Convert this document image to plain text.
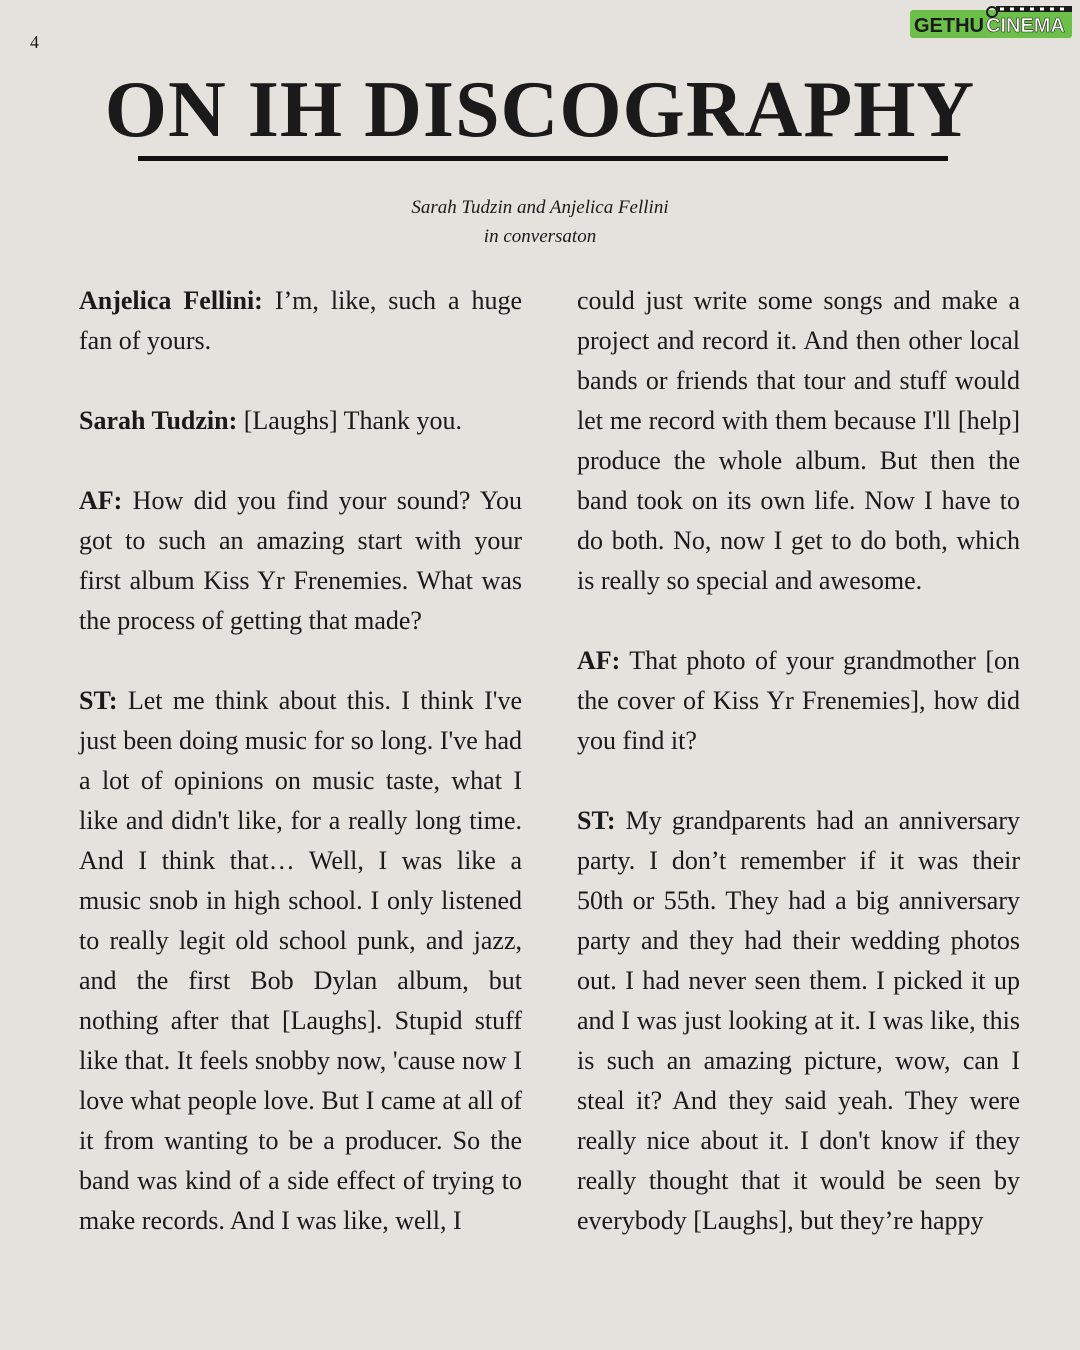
4
GETHU CINEMA
ON IH DISCOGRAPHY
Sarah Tudzin and Anjelica Fellini
in conversaton

Anjelica Fellini: I’m, like, such a huge fan of yours.

Sarah Tudzin: [Laughs] Thank you.

AF: How did you find your sound? You got to such an amazing start with your first album Kiss Yr Frenemies. What was the process of getting that made?

ST: Let me think about this. I think I've just been doing music for so long. I've had a lot of opinions on music taste, what I like and didn't like, for a really long time. And I think that… Well, I was like a music snob in high school. I only listened to really legit old school punk, and jazz, and the first Bob Dylan album, but nothing after that [Laughs]. Stupid stuff like that. It feels snobby now, 'cause now I love what people love. But I came at all of it from wanting to be a producer. So the band was kind of a side effect of trying to make records. And I was like, well, I

could just write some songs and make a project and record it. And then other local bands or friends that tour and stuff would let me record with them because I'll [help] produce the whole album. But then the band took on its own life. Now I have to do both. No, now I get to do both, which is really so special and awesome.

AF: That photo of your grandmother [on the cover of Kiss Yr Frenemies], how did you find it?

ST: My grandparents had an anniversary party. I don’t remember if it was their 50th or 55th. They had a big anniversary party and they had their wedding photos out. I had never seen them. I picked it up and I was just looking at it. I was like, this is such an amazing picture, wow, can I steal it? And they said yeah. They were really nice about it. I don't know if they really thought that it would be seen by everybody [Laughs], but they’re happy
